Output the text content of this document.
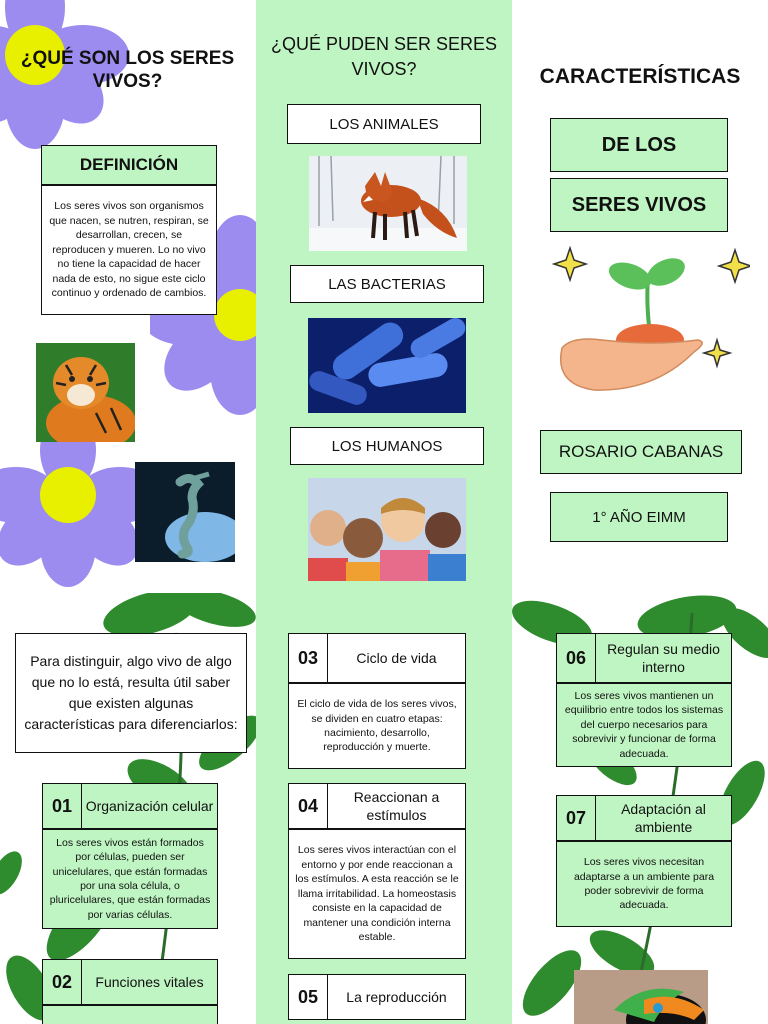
¿QUÉ SON LOS SERES VIVOS?
DEFINICIÓN
Los seres vivos son organismos que nacen, se nutren, respiran, se desarrollan, crecen, se reproducen y mueren. Lo no vivo no tiene la capacidad de hacer nada de esto, no sigue este ciclo continuo y ordenado de cambios.
¿QUÉ PUDEN SER SERES VIVOS?
LOS ANIMALES
LAS BACTERIAS
LOS HUMANOS
CARACTERÍSTICAS
DE LOS
SERES VIVOS
ROSARIO CABANAS
1° AÑO EIMM
Para distinguir, algo vivo de algo que no lo está, resulta útil saber que existen algunas características para diferenciarlos:
01 Organización celular
Los seres vivos están formados por células, pueden ser unicelulares, que están formadas por una sola célula, o pluricelulares, que están formadas por varias células.
02	Funciones vitales
03	Ciclo de vida
El ciclo de vida de los seres vivos, se dividen en cuatro etapas: nacimiento, desarrollo, reproducción y muerte.
04	Reaccionan a estímulos
Los seres vivos interactúan con el entorno y por ende reaccionan a los estímulos. A esta reacción se le llama irritabilidad. La homeostasis consiste en la capacidad de mantener una condición interna estable.
05	La reproducción
06	Regulan su medio interno
Los seres vivos mantienen un equilibrio entre todos los sistemas del cuerpo necesarios para sobrevivir y funcionar de forma adecuada.
07	Adaptación al ambiente
Los seres vivos necesitan adaptarse a un ambiente para poder sobrevivir de forma adecuada.
